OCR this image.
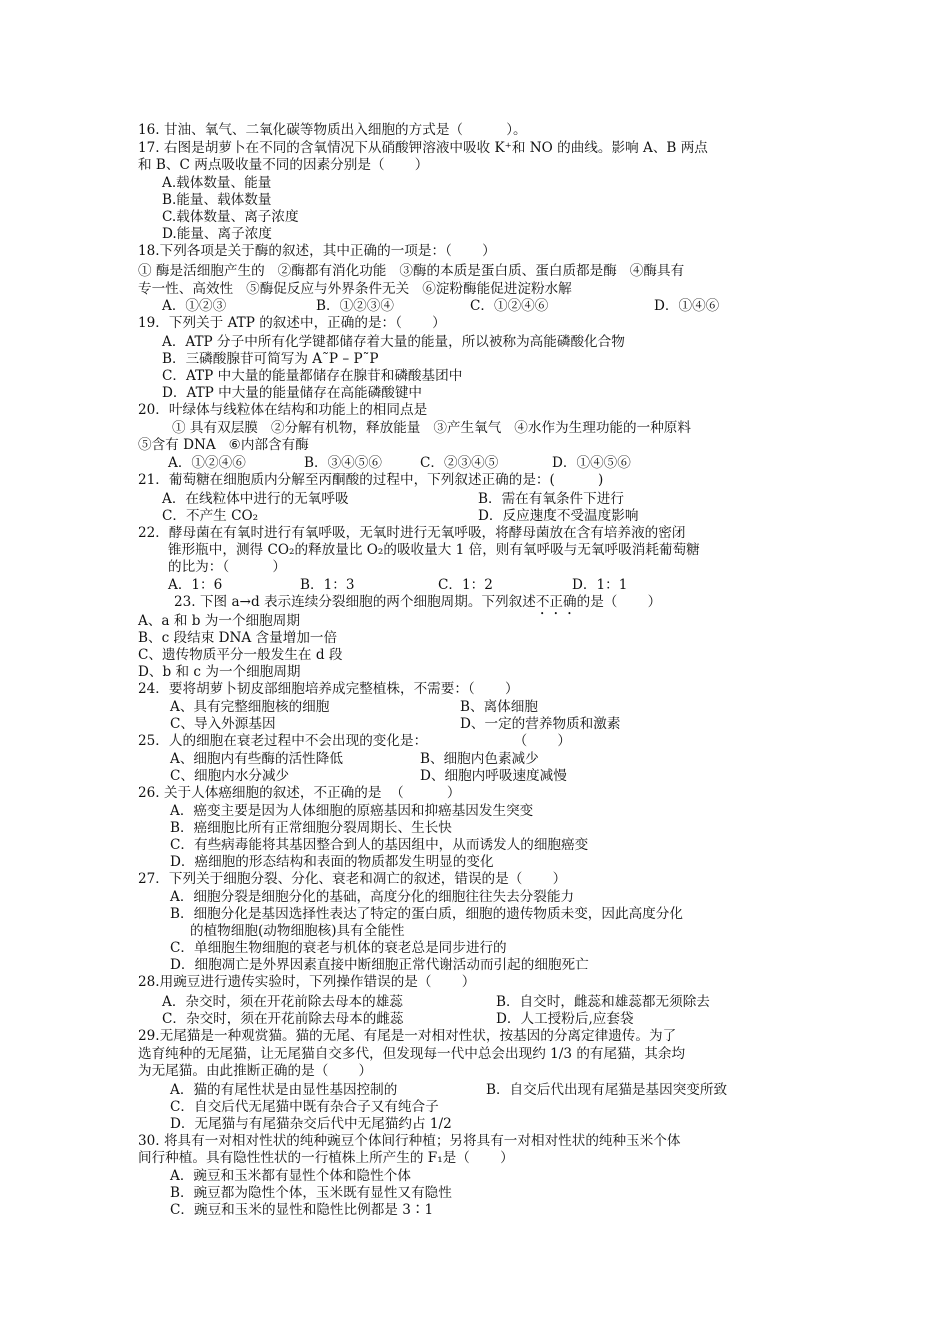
16. 甘油、氧气、二氧化碳等物质出入细胞的方式是（          ）。
17. 右图是胡萝卜在不同的含氧情况下从硝酸钾溶液中吸收 K⁺和 NO 的曲线。影响 A、B 两点
和 B、C 两点吸收量不同的因素分别是（       ）
A.载体数量、能量
B.能量、载体数量
C.载体数量、离子浓度
D.能量、离子浓度
18.下列各项是关于酶的叙述，其中正确的一项是：（       ）
① 酶是活细胞产生的   ②酶都有消化功能   ③酶的本质是蛋白质、蛋白质都是酶   ④酶具有
专一性、高效性   ⑤酶促反应与外界条件无关   ⑥淀粉酶能促进淀粉水解
A．①②③	B．①②③④	C．①②④⑥	D．①④⑥
19．下列关于 ATP 的叙述中，正确的是：（       ）
A．ATP 分子中所有化学键都储存着大量的能量，所以被称为高能磷酸化合物
B．三磷酸腺苷可简写为 A˜P – P˜P
C．ATP 中大量的能量都储存在腺苷和磷酸基团中
D．ATP 中大量的能量储存在高能磷酸键中
20．叶绿体与线粒体在结构和功能上的相同点是
① 具有双层膜   ②分解有机物，释放能量   ③产生氧气   ④水作为生理功能的一种原料
⑤含有 DNA   ⑥内部含有酶
A．①②④⑥	B．③④⑤⑥	C．②③④⑤	D．①④⑤⑥
21．葡萄糖在细胞质内分解至丙酮酸的过程中，下列叙述正确的是：(          )
A．在线粒体中进行的无氧呼吸	B．需在有氧条件下进行
C．不产生 CO₂	D．反应速度不受温度影响
22．酵母菌在有氧时进行有氧呼吸，无氧时进行无氧呼吸，将酵母菌放在含有培养液的密闭
锥形瓶中，测得 CO₂的释放量比 O₂的吸收量大 1 倍，则有氧呼吸与无氧呼吸消耗葡萄糖
的比为：（          ）
A．1：6	B．1：3	C．1：2	D．1：1
23. 下图 a→d 表示连续分裂细胞的两个细胞周期。下列叙述不正确的是（       ）
A、a 和 b 为一个细胞周期
B、c 段结束 DNA 含量增加一倍
C、遗传物质平分一般发生在 d 段
D、b 和 c 为一个细胞周期
24．要将胡萝卜韧皮部细胞培养成完整植株，不需要：（       ）
A、具有完整细胞核的细胞	B、离体细胞
C、导入外源基因	D、一定的营养物质和激素
25．人的细胞在衰老过程中不会出现的变化是：                    （       ）
A、细胞内有些酶的活性降低	B、细胞内色素减少
C、细胞内水分减少	D、细胞内呼吸速度减慢
26. 关于人体癌细胞的叙述，不正确的是  （          ）
A．癌变主要是因为人体细胞的原癌基因和抑癌基因发生突变
B．癌细胞比所有正常细胞分裂周期长、生长快
C．有些病毒能将其基因整合到人的基因组中，从而诱发人的细胞癌变
D．癌细胞的形态结构和表面的物质都发生明显的变化
27．下列关于细胞分裂、分化、衰老和凋亡的叙述，错误的是（       ）
A．细胞分裂是细胞分化的基础，高度分化的细胞往往失去分裂能力
B．细胞分化是基因选择性表达了特定的蛋白质，细胞的遗传物质未变，因此高度分化
的植物细胞(动物细胞核)具有全能性
C．单细胞生物细胞的衰老与机体的衰老总是同步进行的
D．细胞凋亡是外界因素直接中断细胞正常代谢活动而引起的细胞死亡
28.用豌豆进行遗传实验时，下列操作错误的是（       ）
A．杂交时，须在开花前除去母本的雄蕊	B．自交时，雌蕊和雄蕊都无须除去
C．杂交时，须在开花前除去母本的雌蕊	D．人工授粉后,应套袋
29.无尾猫是一种观赏猫。猫的无尾、有尾是一对相对性状，按基因的分离定律遗传。为了
选育纯种的无尾猫，让无尾猫自交多代，但发现每一代中总会出现约 1/3 的有尾猫，其余均
为无尾猫。由此推断正确的是（       ）
A．猫的有尾性状是由显性基因控制的	B．自交后代出现有尾猫是基因突变所致
C．自交后代无尾猫中既有杂合子又有纯合子
D．无尾猫与有尾猫杂交后代中无尾猫约占 1/2
30. 将具有一对相对性状的纯种豌豆个体间行种植；另将具有一对相对性状的纯种玉米个体
间行种植。具有隐性性状的一行植株上所产生的 F₁是（       ）
A．豌豆和玉米都有显性个体和隐性个体
B．豌豆都为隐性个体，玉米既有显性又有隐性
C．豌豆和玉米的显性和隐性比例都是 3∶1
